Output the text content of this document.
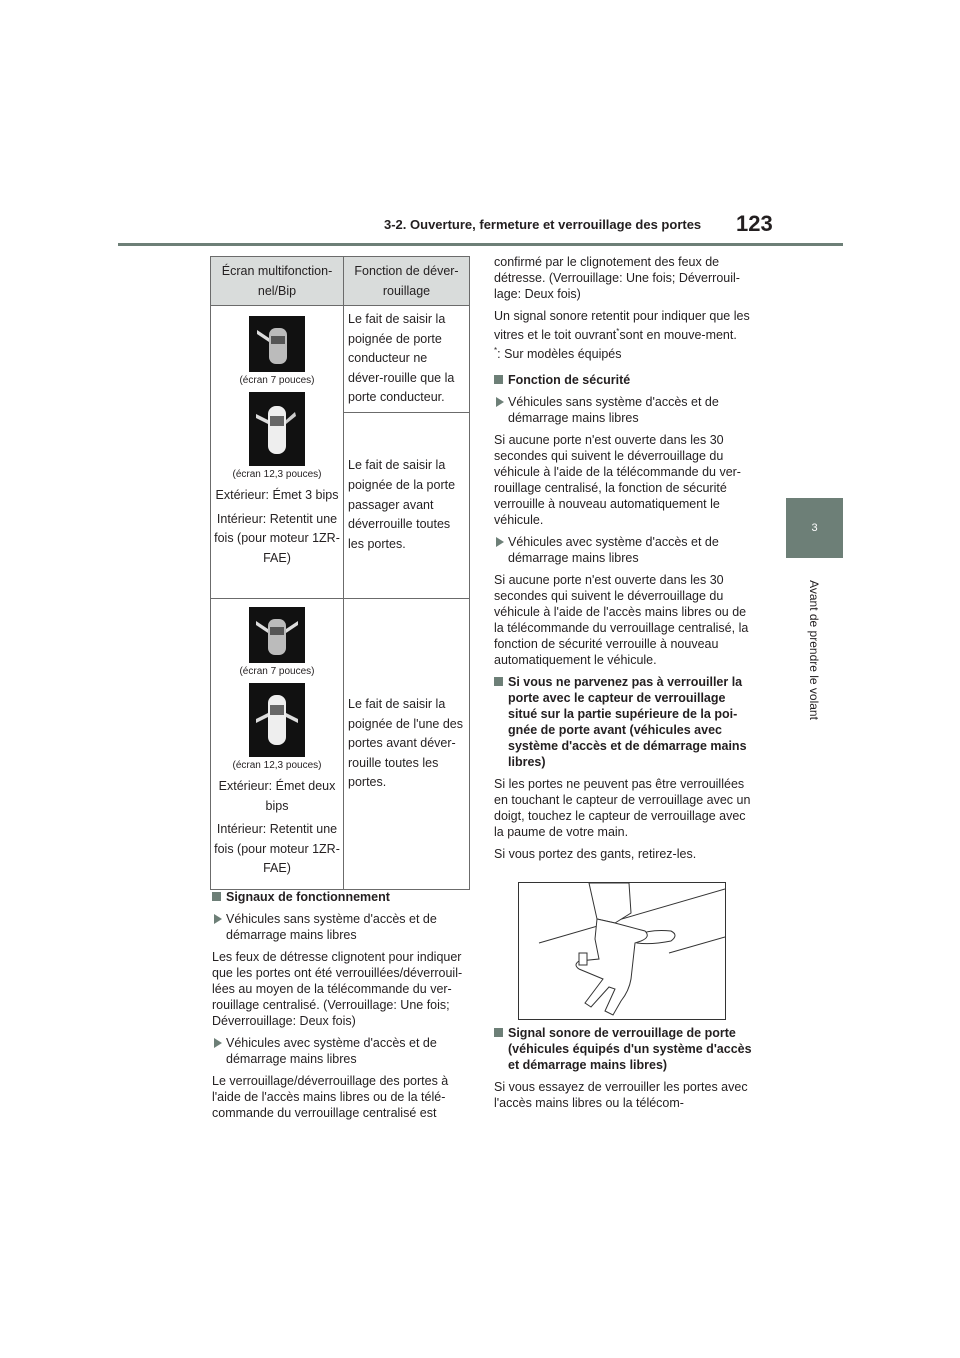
3-2. Ouverture, fermeture et verrouillage des portes 123
3
Avant de prendre le volant
Écran multifonction-nel/Bip	Fonction de déver-rouillage

(écran 7 pouces)
(écran 12,3 pouces)
Extérieur: Émet 3 bips
Intérieur: Retentit une fois (pour moteur 1ZR-FAE)	Le fait de saisir la poignée de porte conducteur ne déver-rouille que la porte conducteur.
	Le fait de saisir la poignée de la porte passager avant déverrouille toutes les portes.

(écran 7 pouces)
(écran 12,3 pouces)
Extérieur: Émet deux bips
Intérieur: Retentit une fois (pour moteur 1ZR-FAE)	Le fait de saisir la poignée de l'une des portes avant déver-rouille toutes les portes.

Signaux de fonctionnement

Véhicules sans système d'accès et de démarrage mains libres

Les feux de détresse clignotent pour indiquer que les portes ont été verrouillées/déverrouil-lées au moyen de la télécommande du ver-rouillage centralisé. (Verrouillage: Une fois; Déverrouillage: Deux fois)

Véhicules avec système d'accès et de démarrage mains libres

Le verrouillage/déverrouillage des portes à l'aide de l'accès mains libres ou de la télé-commande du verrouillage centralisé est

confirmé par le clignotement des feux de détresse. (Verrouillage: Une fois; Déverrouil-lage: Deux fois)

Un signal sonore retentit pour indiquer que les vitres et le toit ouvrant*sont en mouve-ment.
*: Sur modèles équipés

Fonction de sécurité

Véhicules sans système d'accès et de démarrage mains libres

Si aucune porte n'est ouverte dans les 30 secondes qui suivent le déverrouillage du véhicule à l'aide de la télécommande du ver-rouillage centralisé, la fonction de sécurité verrouille à nouveau automatiquement le véhicule.

Véhicules avec système d'accès et de démarrage mains libres

Si aucune porte n'est ouverte dans les 30 secondes qui suivent le déverrouillage du véhicule à l'aide de l'accès mains libres ou de la télécommande du verrouillage centralisé, la fonction de sécurité verrouille à nouveau automatiquement le véhicule.

Si vous ne parvenez pas à verrouiller la porte avec le capteur de verrouillage situé sur la partie supérieure de la poi-gnée de porte avant (véhicules avec système d'accès et de démarrage mains libres)

Si les portes ne peuvent pas être verrouillées en touchant le capteur de verrouillage avec un doigt, touchez le capteur de verrouillage avec la paume de votre main.

Si vous portez des gants, retirez-les.

Signal sonore de verrouillage de porte (véhicules équipés d'un système d'accès et démarrage mains libres)

Si vous essayez de verrouiller les portes avec l'accès mains libres ou la télécom-
